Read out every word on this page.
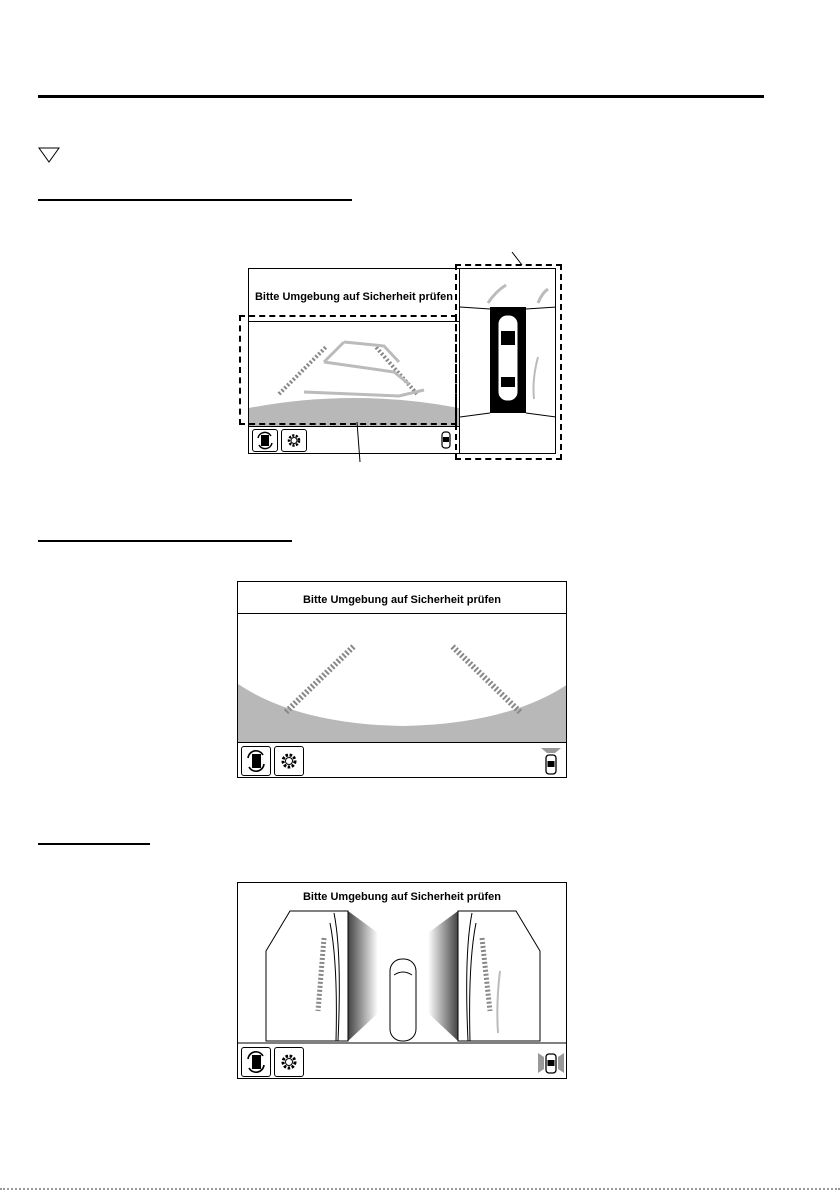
Bitte Umgebung auf Sicherheit prüfen
Bitte Umgebung auf Sicherheit prüfen
Bitte Umgebung auf Sicherheit prüfen
